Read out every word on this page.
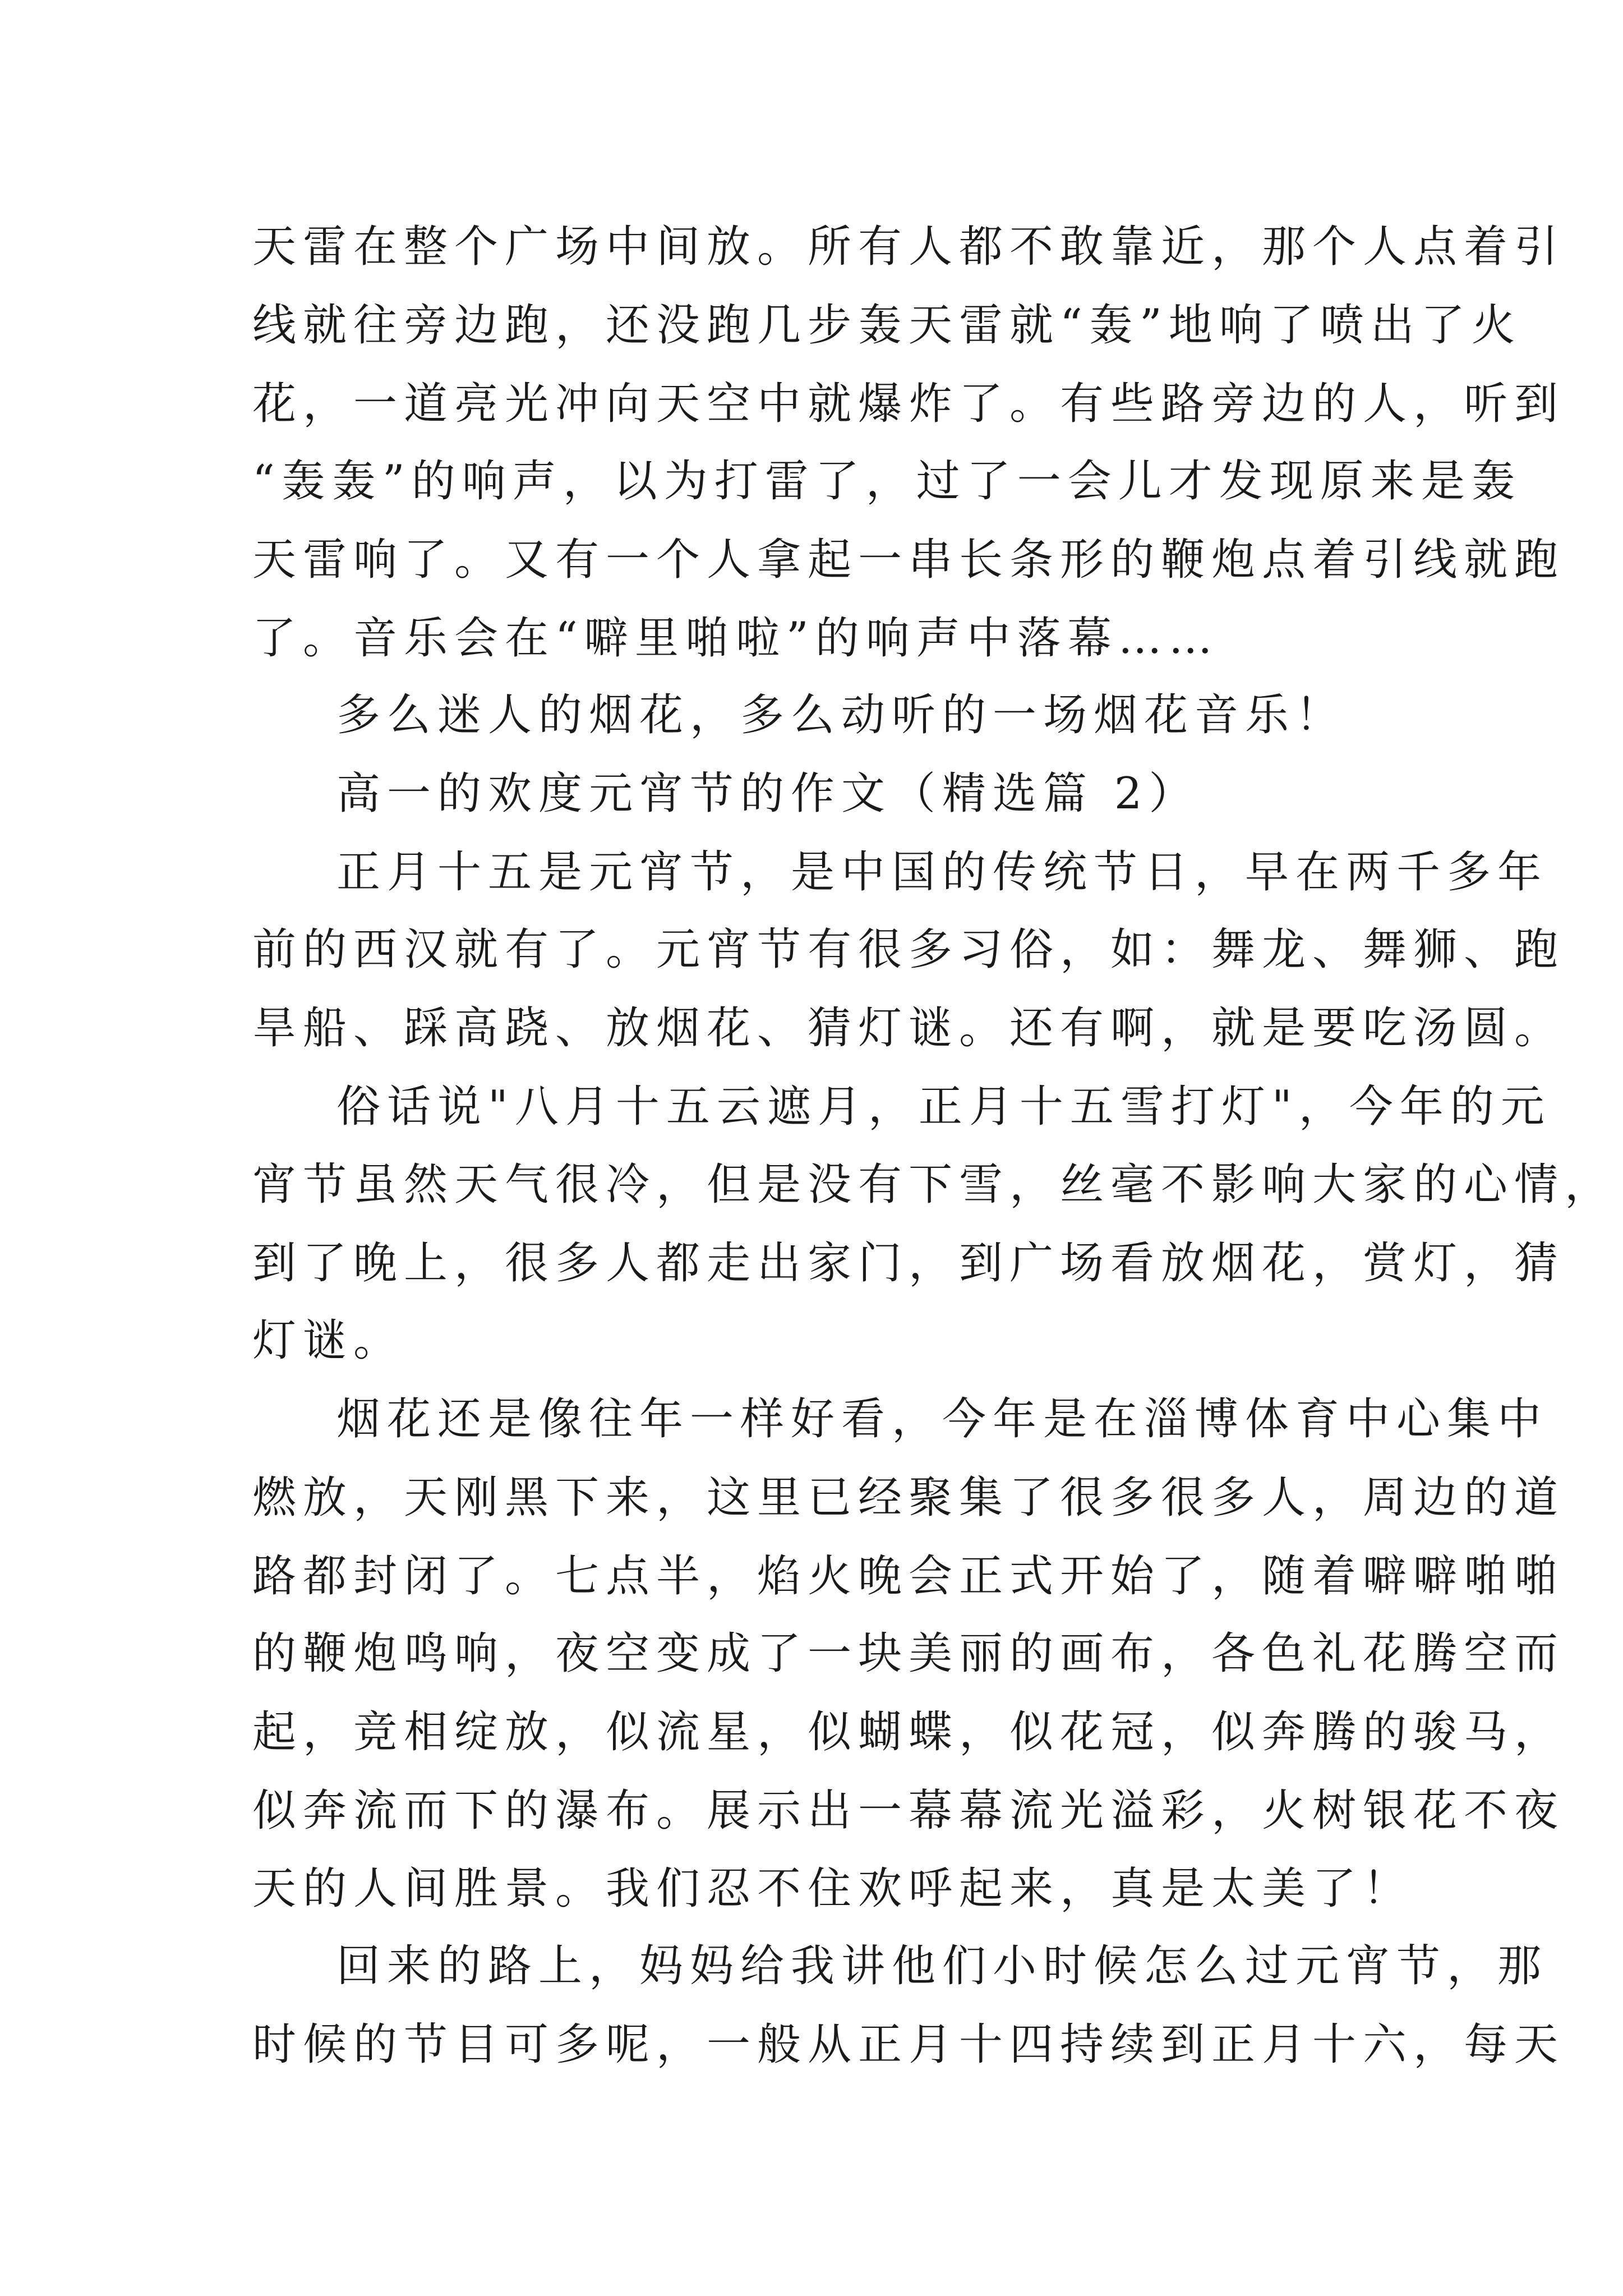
天雷在整个广场中间放。所有人都不敢靠近，那个人点着引

线就往旁边跑，还没跑几步轰天雷就“轰”地响了喷出了火

花，一道亮光冲向天空中就爆炸了。有些路旁边的人，听到

“轰轰”的响声，以为打雷了，过了一会儿才发现原来是轰

天雷响了。又有一个人拿起一串长条形的鞭炮点着引线就跑

了。音乐会在“噼里啪啦”的响声中落幕……

多么迷人的烟花，多么动听的一场烟花音乐！

高一的欢度元宵节的作文（精选篇 2）

正月十五是元宵节，是中国的传统节日，早在两千多年

前的西汉就有了。元宵节有很多习俗，如：舞龙、舞狮、跑

旱船、踩高跷、放烟花、猜灯谜。还有啊，就是要吃汤圆。

俗话说"八月十五云遮月，正月十五雪打灯"，今年的元

宵节虽然天气很冷，但是没有下雪，丝毫不影响大家的心情，

到了晚上，很多人都走出家门，到广场看放烟花，赏灯，猜

灯谜。

烟花还是像往年一样好看，今年是在淄博体育中心集中

燃放，天刚黑下来，这里已经聚集了很多很多人，周边的道

路都封闭了。七点半，焰火晚会正式开始了，随着噼噼啪啪

的鞭炮鸣响，夜空变成了一块美丽的画布，各色礼花腾空而

起，竞相绽放，似流星，似蝴蝶，似花冠，似奔腾的骏马，

似奔流而下的瀑布。展示出一幕幕流光溢彩，火树银花不夜

天的人间胜景。我们忍不住欢呼起来，真是太美了！

回来的路上，妈妈给我讲他们小时候怎么过元宵节，那

时候的节目可多呢，一般从正月十四持续到正月十六，每天
